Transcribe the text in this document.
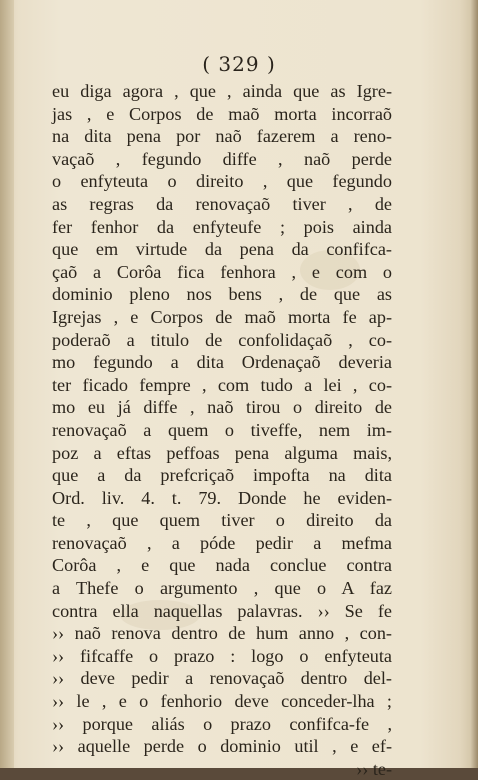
( 329 )
eu diga agora , que , ainda que as Igre-
jas , e Corpos de maõ morta incorraõ
na dita pena por naõ fazerem a reno-
vaçaõ , fegundo diffe , naõ perde
o enfyteuta o direito , que fegundo
as regras da renovaçaõ tiver , de
fer fenhor da enfyteufe ; pois ainda
que em virtude da pena da confifca-
çaõ a Corôa fica fenhora , e com o
dominio pleno nos bens , de que as
Igrejas , e Corpos de maõ morta fe ap-
poderaõ a titulo de confolidaçaõ , co-
mo fegundo a dita Ordenaçaõ deveria
ter ficado fempre , com tudo a lei , co-
mo eu já diffe , naõ tirou o direito de
renovaçaõ a quem o tiveffe, nem im-
poz a eftas peffoas pena alguma mais,
que a da prefcriçaõ impofta na dita
Ord. liv. 4. t. 79. Donde he eviden-
te , que quem tiver o direito da
renovaçaõ , a póde pedir a mefma
Corôa , e que nada conclue contra
a Thefe o argumento , que o A faz
contra ella naquellas palavras. ›› Se fe
›› naõ renova dentro de hum anno , con-
›› fifcaffe o prazo : logo o enfyteuta
›› deve pedir a renovaçaõ dentro del-
›› le , e o fenhorio deve conceder-lha ;
›› porque aliás o prazo confifca-fe ,
›› aquelle perde o dominio util , e ef-
›› te-
